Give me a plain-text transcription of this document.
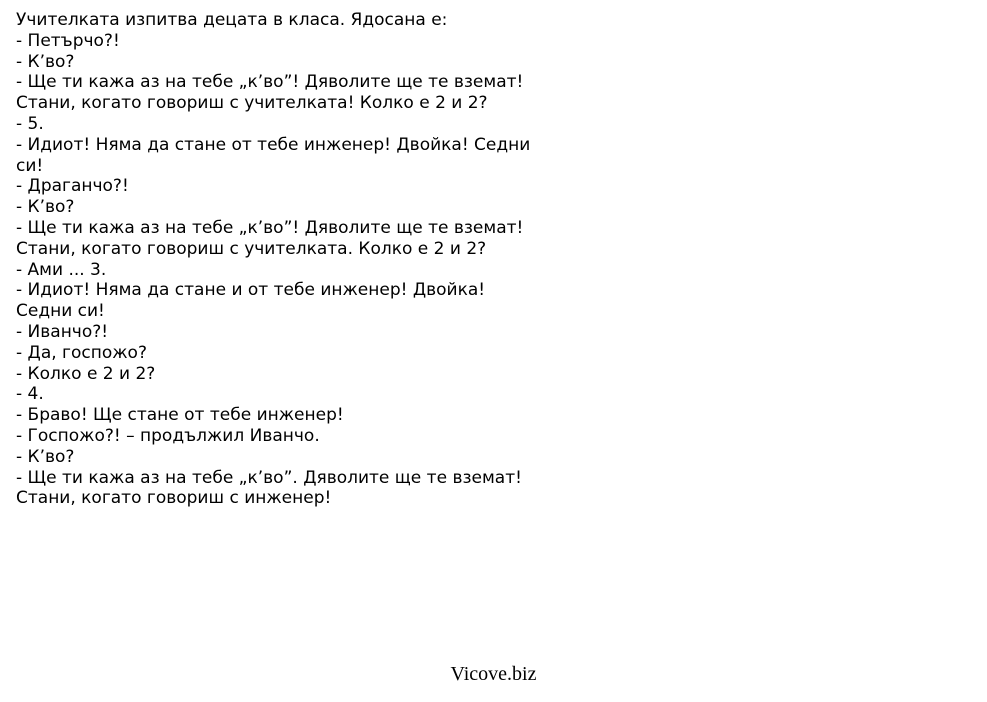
Учителката изпитва децата в класа. Ядосана е:
- Петърчо?!
- К’во?
- Ще ти кажа аз на тебе „к’во”! Дяволите ще те вземат!
Стани, когато говориш с учителката! Колко е 2 и 2?
- 5.
- Идиот! Няма да стане от тебе инженер! Двойка! Седни
си!
- Драганчо?!
- К’во?
- Ще ти кажа аз на тебе „к’во”! Дяволите ще те вземат!
Стани, когато говориш с учителката. Колко е 2 и 2?
- Ами ... 3.
- Идиот! Няма да стане и от тебе инженер! Двойка!
Седни си!
- Иванчо?!
- Да, госпожо?
- Колко е 2 и 2?
- 4.
- Браво! Ще стане от тебе инженер!
- Госпожо?! – продължил Иванчо.
- К’во?
- Ще ти кажа аз на тебе „к’во”. Дяволите ще те вземат!
Стани, когато говориш с инженер!
Vicove.biz
